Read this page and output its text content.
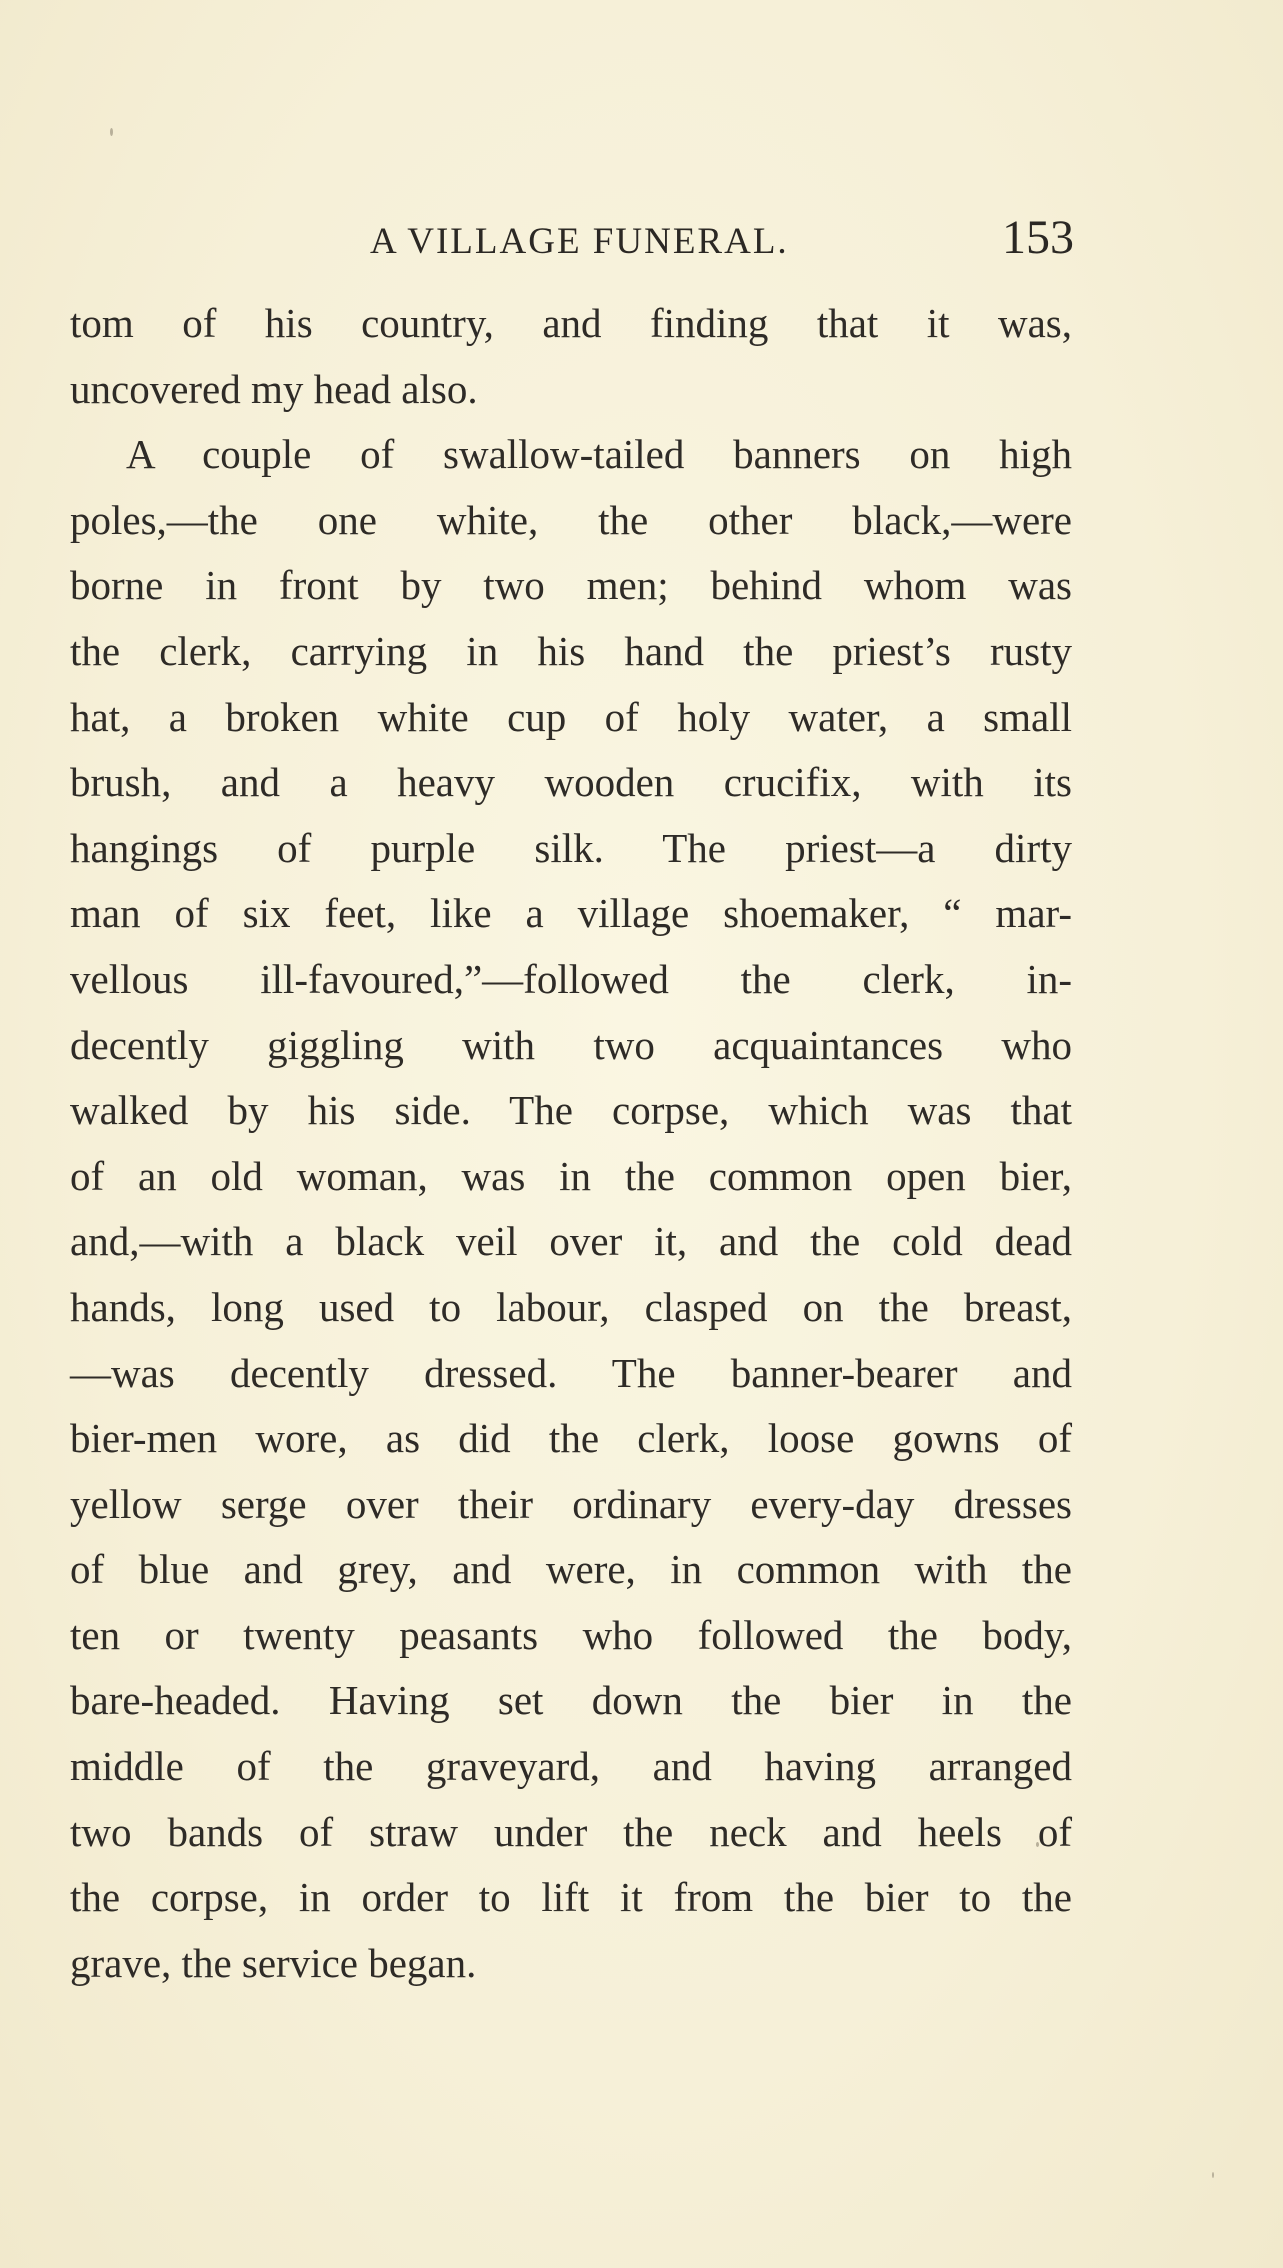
A VILLAGE FUNERAL.	153
tom of his country, and finding that it was,
uncovered my head also.
A couple of swallow-tailed banners on high
poles,—the one white, the other black,—were
borne in front by two men; behind whom was
the clerk, carrying in his hand the priest’s rusty
hat, a broken white cup of holy water, a small
brush, and a heavy wooden crucifix, with its
hangings of purple silk. The priest—a dirty
man of six feet, like a village shoemaker, “ mar-
vellous ill-favoured,”—followed the clerk, in-
decently giggling with two acquaintances who
walked by his side. The corpse, which was that
of an old woman, was in the common open bier,
and,—with a black veil over it, and the cold dead
hands, long used to labour, clasped on the breast,
—was decently dressed. The banner-bearer and
bier-men wore, as did the clerk, loose gowns of
yellow serge over their ordinary every-day dresses
of blue and grey, and were, in common with the
ten or twenty peasants who followed the body,
bare-headed. Having set down the bier in the
middle of the graveyard, and having arranged
two bands of straw under the neck and heels of
the corpse, in order to lift it from the bier to the
grave, the service began.
